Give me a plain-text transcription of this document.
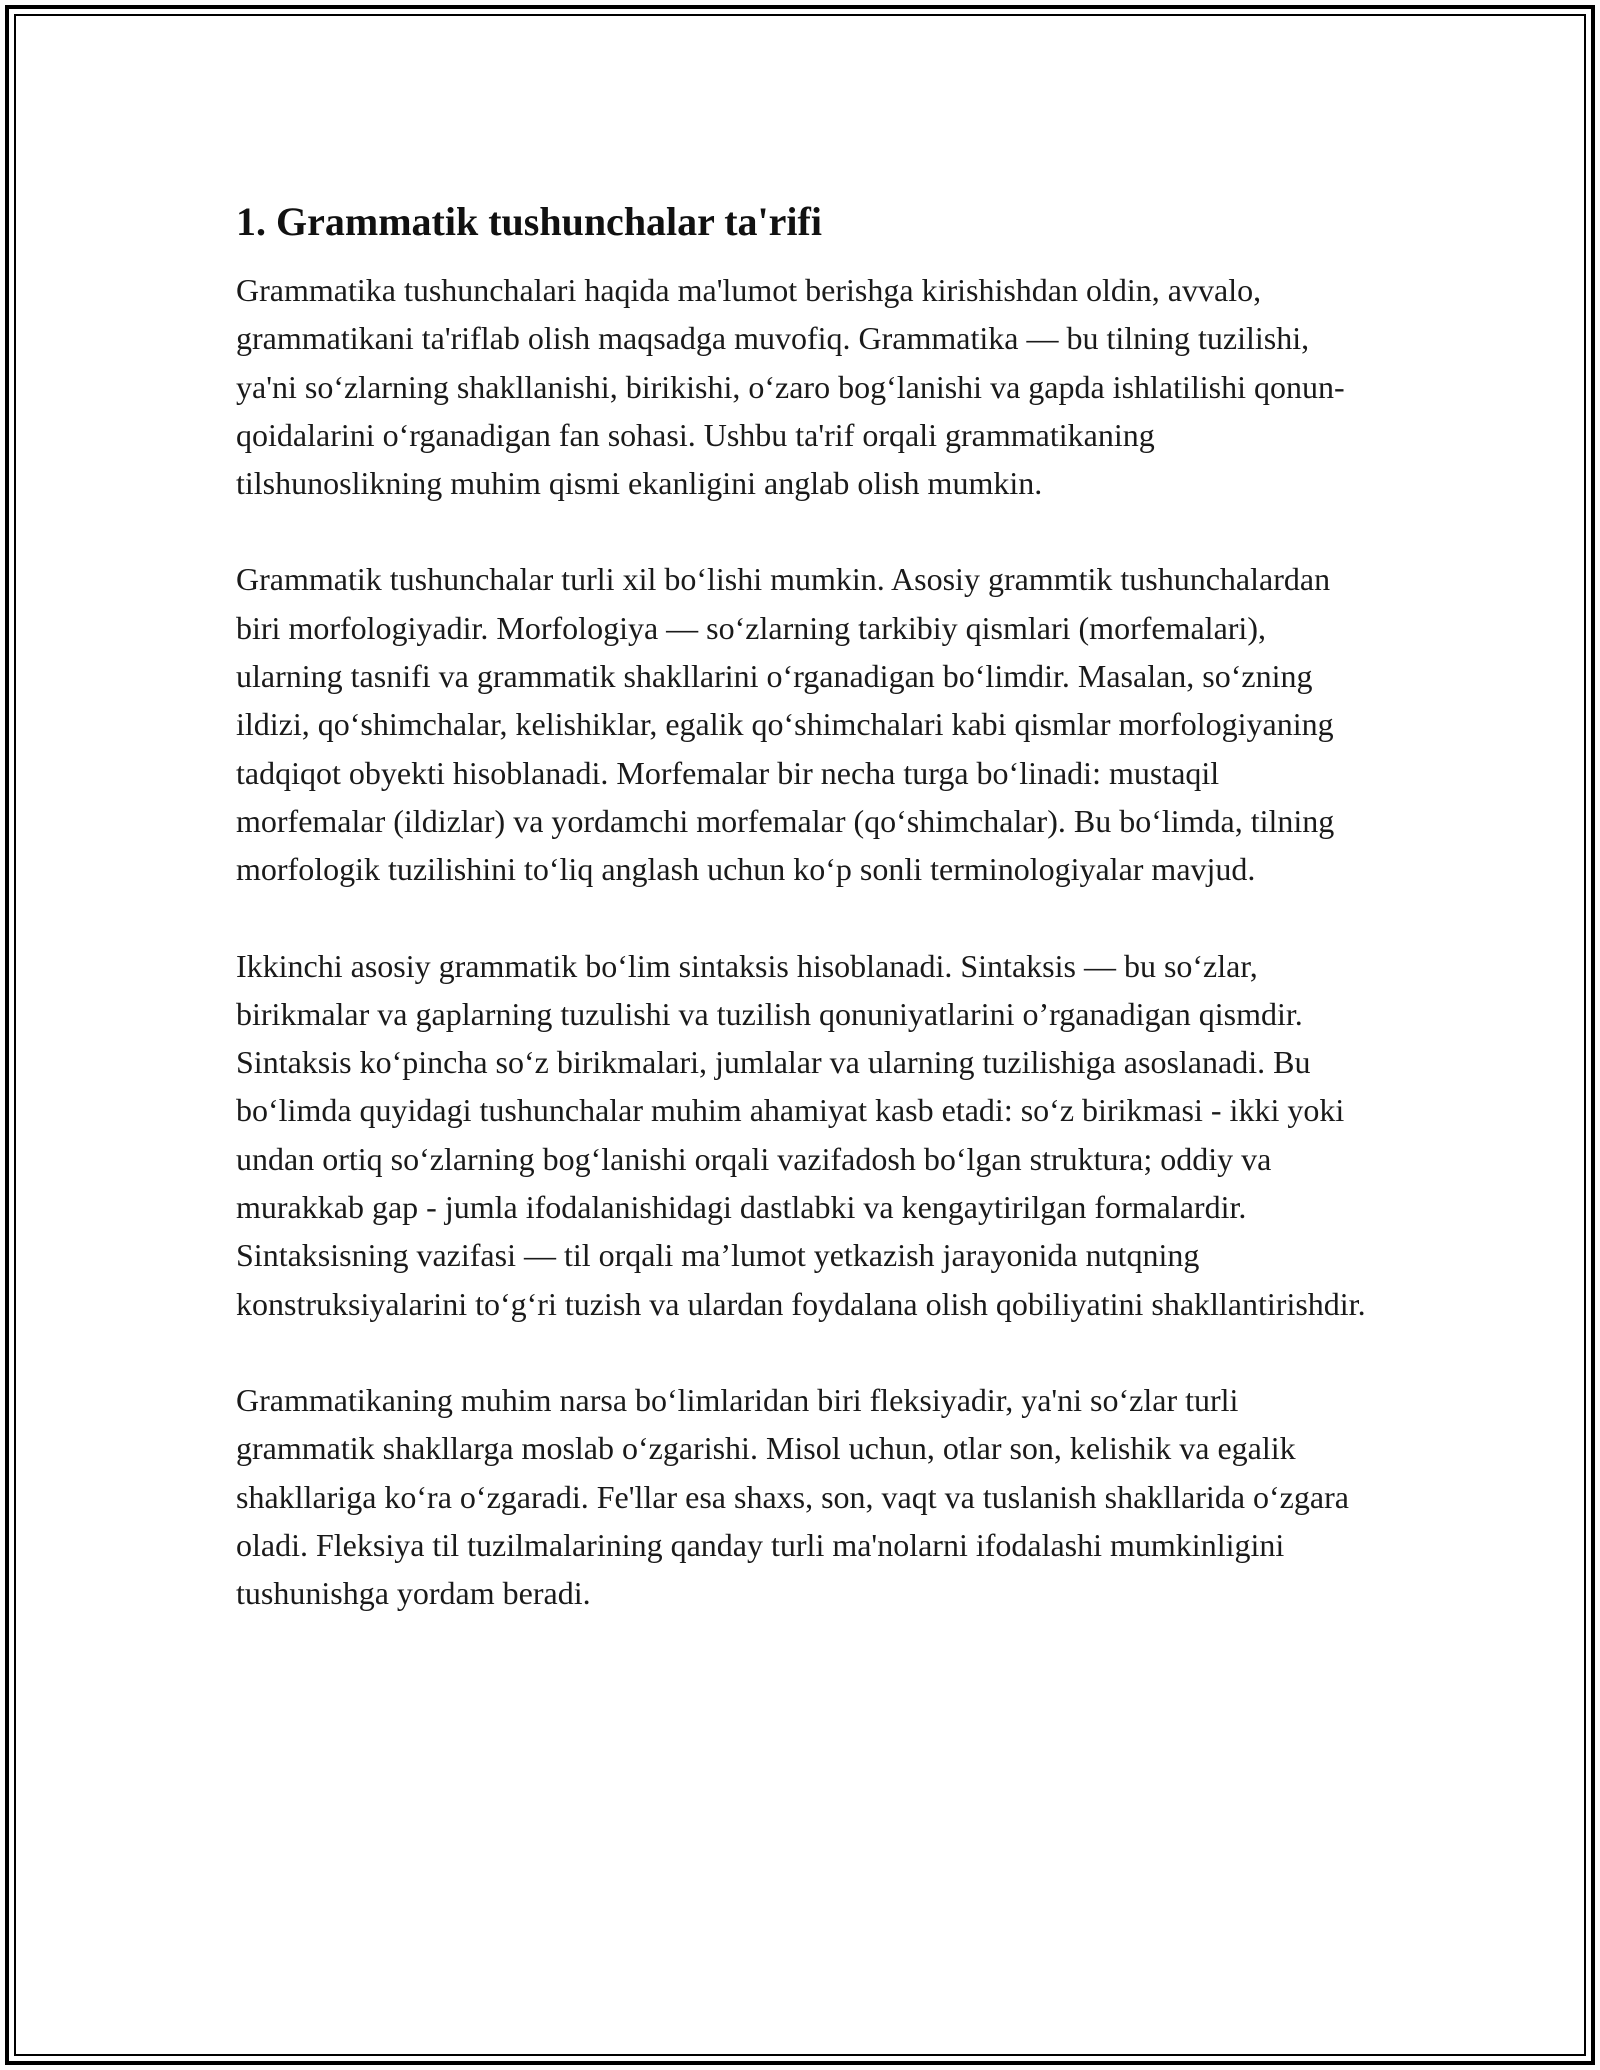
1. Grammatik tushunchalar ta'rifi

Grammatika tushunchalari haqida ma'lumot berishga kirishishdan oldin, avvalo, grammatikani ta'riflab olish maqsadga muvofiq. Grammatika — bu tilning tuzilishi, ya'ni so‘zlarning shakllanishi, birikishi, o‘zaro bog‘lanishi va gapda ishlatilishi qonun-qoidalarini o‘rganadigan fan sohasi. Ushbu ta'rif orqali grammatikaning tilshunoslikning muhim qismi ekanligini anglab olish mumkin.

Grammatik tushunchalar turli xil bo‘lishi mumkin. Asosiy grammtik tushunchalardan biri morfologiyadir. Morfologiya — so‘zlarning tarkibiy qismlari (morfemalari), ularning tasnifi va grammatik shakllarini o‘rganadigan bo‘limdir. Masalan, so‘zning ildizi, qo‘shimchalar, kelishiklar, egalik qo‘shimchalari kabi qismlar morfologiyaning tadqiqot obyekti hisoblanadi. Morfemalar bir necha turga bo‘linadi: mustaqil morfemalar (ildizlar) va yordamchi morfemalar (qo‘shimchalar). Bu bo‘limda, tilning morfologik tuzilishini to‘liq anglash uchun ko‘p sonli terminologiyalar mavjud.

Ikkinchi asosiy grammatik bo‘lim sintaksis hisoblanadi. Sintaksis — bu so‘zlar, birikmalar va gaplarning tuzulishi va tuzilish qonuniyatlarini o’rganadigan qismdir. Sintaksis ko‘pincha so‘z birikmalari, jumlalar va ularning tuzilishiga asoslanadi. Bu bo‘limda quyidagi tushunchalar muhim ahamiyat kasb etadi: so‘z birikmasi - ikki yoki undan ortiq so‘zlarning bog‘lanishi orqali vazifadosh bo‘lgan struktura; oddiy va murakkab gap - jumla ifodalanishidagi dastlabki va kengaytirilgan formalardir. Sintaksisning vazifasi — til orqali ma’lumot yetkazish jarayonida nutqning konstruksiyalarini to‘g‘ri tuzish va ulardan foydalana olish qobiliyatini shakllantirishdir.

Grammatikaning muhim narsa bo‘limlaridan biri fleksiyadir, ya'ni so‘zlar turli grammatik shakllarga moslab o‘zgarishi. Misol uchun, otlar son, kelishik va egalik shakllariga ko‘ra o‘zgaradi. Fe'llar esa shaxs, son, vaqt va tuslanish shakllarida o‘zgara oladi. Fleksiya til tuzilmalarining qanday turli ma'nolarni ifodalashi mumkinligini tushunishga yordam beradi.
